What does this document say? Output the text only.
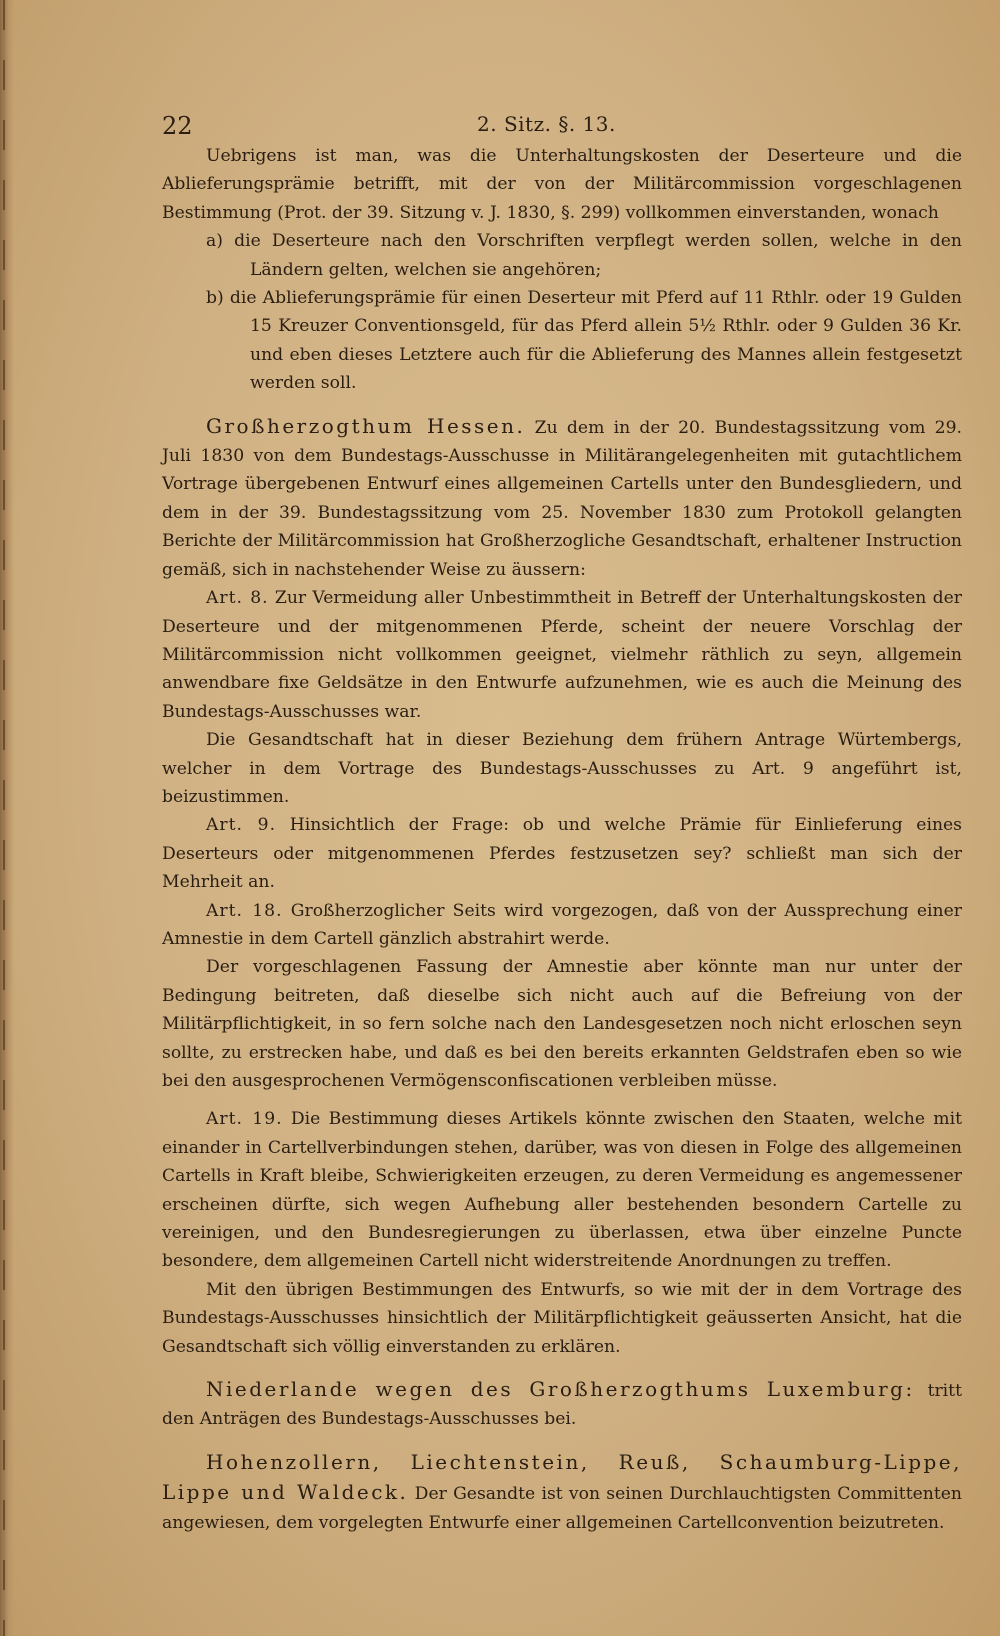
22	2. Sitz. §. 13.

Uebrigens ist man, was die Unterhaltungskosten der Deserteure und die Ablieferungsprämie betrifft, mit der von der Militärcommission vorgeschlagenen Bestimmung (Prot. der 39. Sitzung v. J. 1830, §. 299) vollkommen einverstanden, wonach

a) die Deserteure nach den Vorschriften verpflegt werden sollen, welche in den Ländern gelten, welchen sie angehören;

b) die Ablieferungsprämie für einen Deserteur mit Pferd auf 11 Rthlr. oder 19 Gulden 15 Kreuzer Conventionsgeld, für das Pferd allein 5½ Rthlr. oder 9 Gulden 36 Kr. und eben dieses Letztere auch für die Ablieferung des Mannes allein festgesetzt werden soll.

Großherzogthum Hessen. Zu dem in der 20. Bundestagssitzung vom 29. Juli 1830 von dem Bundestags-Ausschusse in Militärangelegenheiten mit gutachtlichem Vortrage übergebenen Entwurf eines allgemeinen Cartells unter den Bundesgliedern, und dem in der 39. Bundestagssitzung vom 25. November 1830 zum Protokoll gelangten Berichte der Militärcommission hat Großherzogliche Gesandtschaft, erhaltener Instruction gemäß, sich in nachstehender Weise zu äussern:

Art. 8. Zur Vermeidung aller Unbestimmtheit in Betreff der Unterhaltungskosten der Deserteure und der mitgenommenen Pferde, scheint der neuere Vorschlag der Militärcommission nicht vollkommen geeignet, vielmehr räthlich zu seyn, allgemein anwendbare fixe Geldsätze in den Entwurfe aufzunehmen, wie es auch die Meinung des Bundestags-Ausschusses war.

Die Gesandtschaft hat in dieser Beziehung dem frühern Antrage Würtembergs, welcher in dem Vortrage des Bundestags-Ausschusses zu Art. 9 angeführt ist, beizustimmen.

Art. 9. Hinsichtlich der Frage: ob und welche Prämie für Einlieferung eines Deserteurs oder mitgenommenen Pferdes festzusetzen sey? schließt man sich der Mehrheit an.

Art. 18. Großherzoglicher Seits wird vorgezogen, daß von der Aussprechung einer Amnestie in dem Cartell gänzlich abstrahirt werde.

Der vorgeschlagenen Fassung der Amnestie aber könnte man nur unter der Bedingung beitreten, daß dieselbe sich nicht auch auf die Befreiung von der Militärpflichtigkeit, in so fern solche nach den Landesgesetzen noch nicht erloschen seyn sollte, zu erstrecken habe, und daß es bei den bereits erkannten Geldstrafen eben so wie bei den ausgesprochenen Vermögensconfiscationen verbleiben müsse.

Art. 19. Die Bestimmung dieses Artikels könnte zwischen den Staaten, welche mit einander in Cartellverbindungen stehen, darüber, was von diesen in Folge des allgemeinen Cartells in Kraft bleibe, Schwierigkeiten erzeugen, zu deren Vermeidung es angemessener erscheinen dürfte, sich wegen Aufhebung aller bestehenden besondern Cartelle zu vereinigen, und den Bundesregierungen zu überlassen, etwa über einzelne Puncte besondere, dem allgemeinen Cartell nicht widerstreitende Anordnungen zu treffen.

Mit den übrigen Bestimmungen des Entwurfs, so wie mit der in dem Vortrage des Bundestags-Ausschusses hinsichtlich der Militärpflichtigkeit geäusserten Ansicht, hat die Gesandtschaft sich völlig einverstanden zu erklären.

Niederlande wegen des Großherzogthums Luxemburg: tritt den Anträgen des Bundestags-Ausschusses bei.

Hohenzollern, Liechtenstein, Reuß, Schaumburg-Lippe, Lippe und Waldeck. Der Gesandte ist von seinen Durchlauchtigsten Committenten angewiesen, dem vorgelegten Entwurfe einer allgemeinen Cartellconvention beizutreten.
